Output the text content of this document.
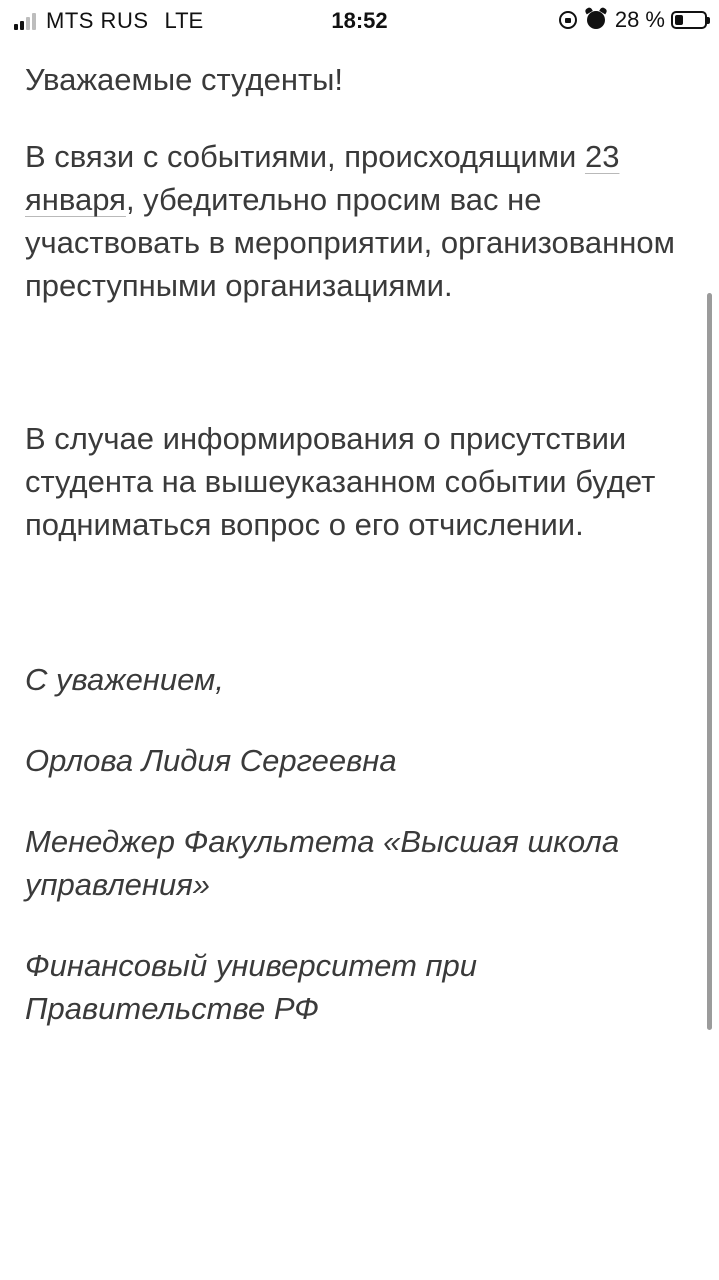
MTS RUS LTE	18:52	28 %

Уважаемые студенты!

В связи с событиями, происходящими 23 января, убедительно просим вас не участвовать в мероприятии, организованном преступными организациями.

В случае информирования о присутствии студента на вышеуказанном событии будет подниматься вопрос о его отчислении.

С уважением,

Орлова Лидия Сергеевна

Менеджер Факультета «Высшая школа управления»

Финансовый университет при Правительстве РФ
